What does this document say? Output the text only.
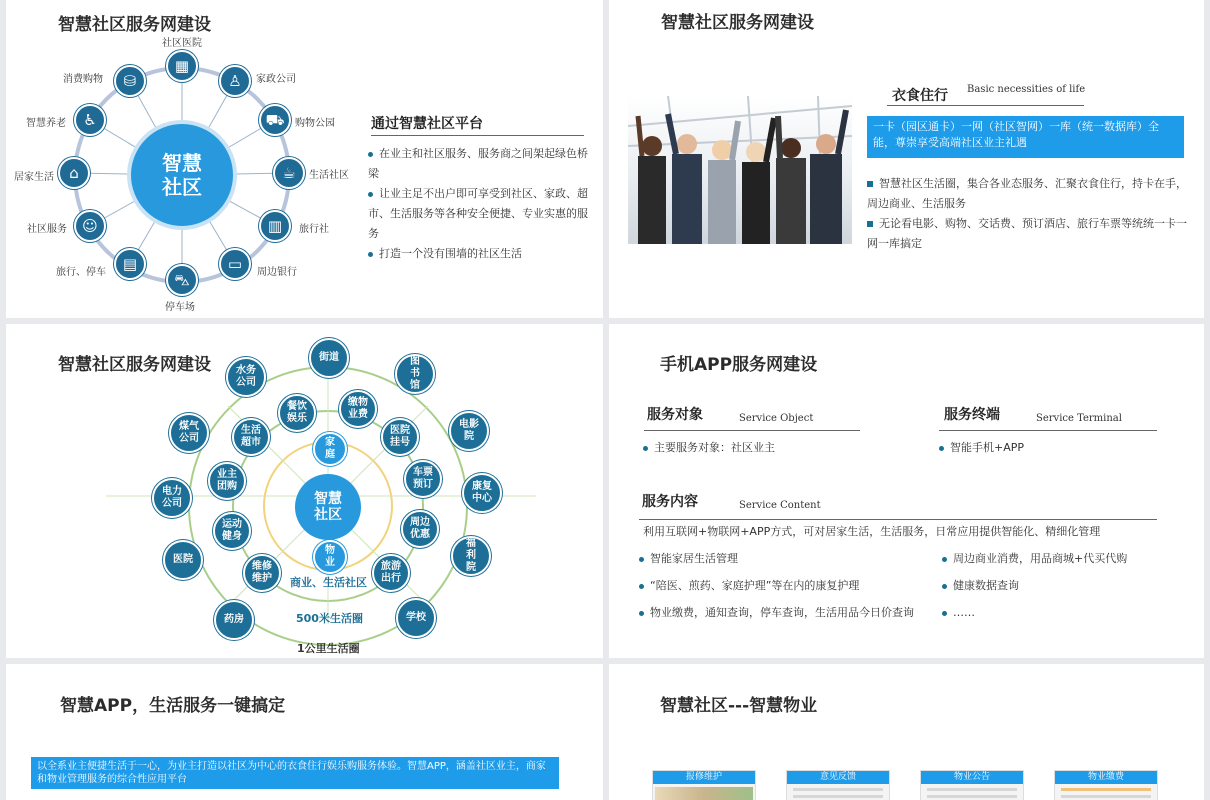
智慧社区服务网建设
智慧社区
▦
社区医院
♙	家政公司
⛟	购物公园
☕	生活社区
▥	旅行社
▭	周边银行
⛍
停车场
▤
旅行、停车
☺
社区服务
⌂
居家生活
♿
智慧养老
⛁
消费购物
通过智慧社区平台
在业主和社区服务、服务商之间架起绿色桥梁
让业主足不出户即可享受到社区、家政、超市、生活服务等各种安全便捷、专业实惠的服务
打造一个没有围墙的社区生活
智慧社区服务网建设
衣食住行 Basic necessities of life
一卡（园区通卡）一网（社区智网）一库（统一数据库）全能，尊崇享受高端社区业主礼遇
智慧社区生活圈，集合各业态服务、汇聚衣食住行，持卡在手，周边商业、生活服务
无论看电影、购物、交话费、预订酒店、旅行车票等统统一卡一网一库搞定
智慧社区服务网建设
智慧社区
家庭
物业
商业、生活社区
500米生活圈
1公里生活圈
餐饮娱乐
缴物业费
医院挂号
车票预订
周边优惠
旅游出行
维修维护
运动健身
业主团购
生活超市
街道	图书馆
电影院
康复中心
福利院
学校
药房
医院
电力公司
煤气公司
水务公司
手机APP服务网建设
服务对象	Service Object
主要服务对象：社区业主
服务终端	Service Terminal
智能手机+APP
服务内容	Service Content
利用互联网+物联网+APP方式，可对居家生活，生活服务，日常应用提供智能化、精细化管理
智能家居生活管理
“陪医、煎药、家庭护理”等在内的康复护理
物业缴费，通知查询，停车查询，生活用品今日价查询
周边商业消费，用品商城+代买代购
健康数据查询
……
智慧APP，生活服务一键搞定
以全系业主便捷生活于一心，为业主打造以社区为中心的衣食住行娱乐购服务体验。智慧APP，涵盖社区业主，商家和物业管理服务的综合性应用平台
智慧社区---智慧物业
报修维护	意见反馈	物业公告	物业缴费
